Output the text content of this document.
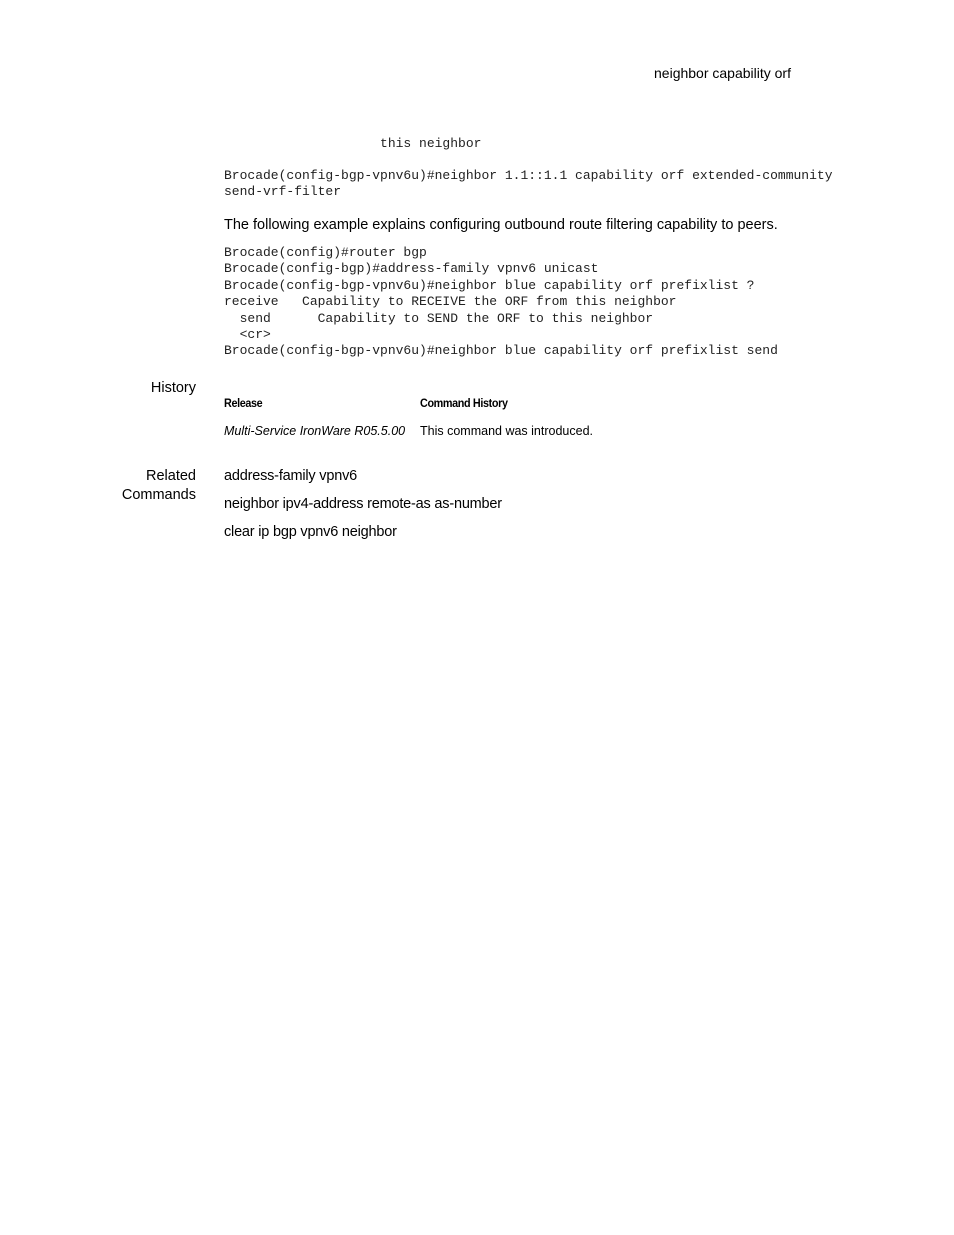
neighbor capability orf
this neighbor
Brocade(config-bgp-vpnv6u)#neighbor 1.1::1.1 capability orf extended-community
send-vrf-filter
The following example explains configuring outbound route filtering capability to peers.
Brocade(config)#router bgp
Brocade(config-bgp)#address-family vpnv6 unicast
Brocade(config-bgp-vpnv6u)#neighbor blue capability orf prefixlist ?
receive   Capability to RECEIVE the ORF from this neighbor
send      Capability to SEND the ORF to this neighbor
<cr>
Brocade(config-bgp-vpnv6u)#neighbor blue capability orf prefixlist send
History
Release	Command History
Multi-Service IronWare R05.5.00	This command was introduced.
Related
Commands
address-family vpnv6
neighbor ipv4-address remote-as as-number
clear ip bgp vpnv6 neighbor
